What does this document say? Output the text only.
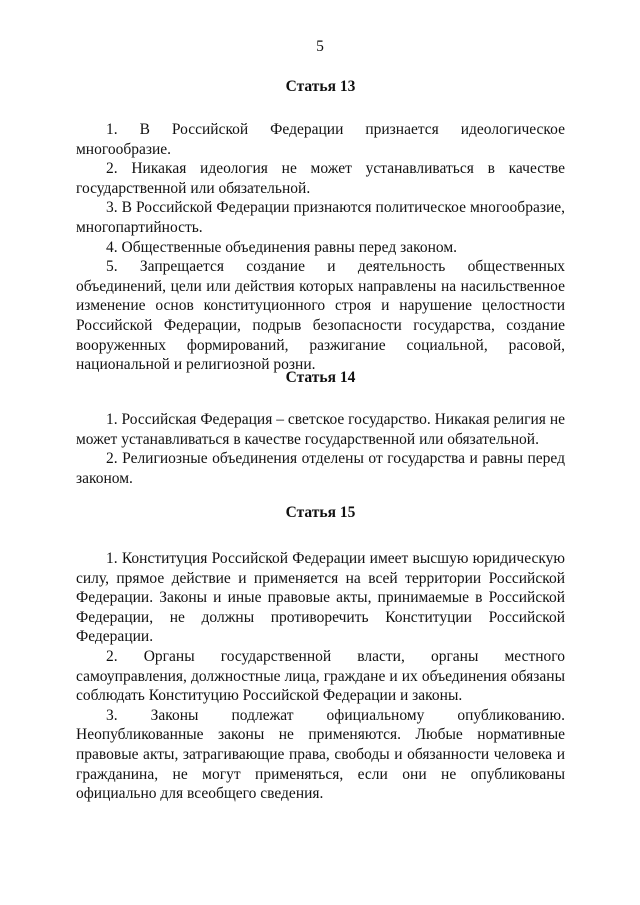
5
Статья 13

1. В Российской Федерации признается идеологическое многообразие.

2. Никакая идеология не может устанавливаться в качестве государственной или обязательной.

3. В Российской Федерации признаются политическое многообразие, многопартийность.

4. Общественные объединения равны перед законом.

5. Запрещается создание и деятельность общественных объединений, цели или действия которых направлены на насильственное изменение основ конституционного строя и нарушение целостности Российской Федерации, подрыв безопасности государства, создание вооруженных формирований, разжигание социальной, расовой, национальной и религиозной розни.

Статья 14

1. Российская Федерация – светское государство. Никакая религия не может устанавливаться в качестве государственной или обязательной.

2. Религиозные объединения отделены от государства и равны перед законом.

Статья 15

1. Конституция Российской Федерации имеет высшую юридическую силу, прямое действие и применяется на всей территории Российской Федерации. Законы и иные правовые акты, принимаемые в Российской Федерации, не должны противоречить Конституции Российской Федерации.

2. Органы государственной власти, органы местного самоуправления, должностные лица, граждане и их объединения обязаны соблюдать Конституцию Российской Федерации и законы.

3. Законы подлежат официальному опубликованию. Неопубликованные законы не применяются. Любые нормативные правовые акты, затрагивающие права, свободы и обязанности человека и гражданина, не могут применяться, если они не опубликованы официально для всеобщего сведения.
